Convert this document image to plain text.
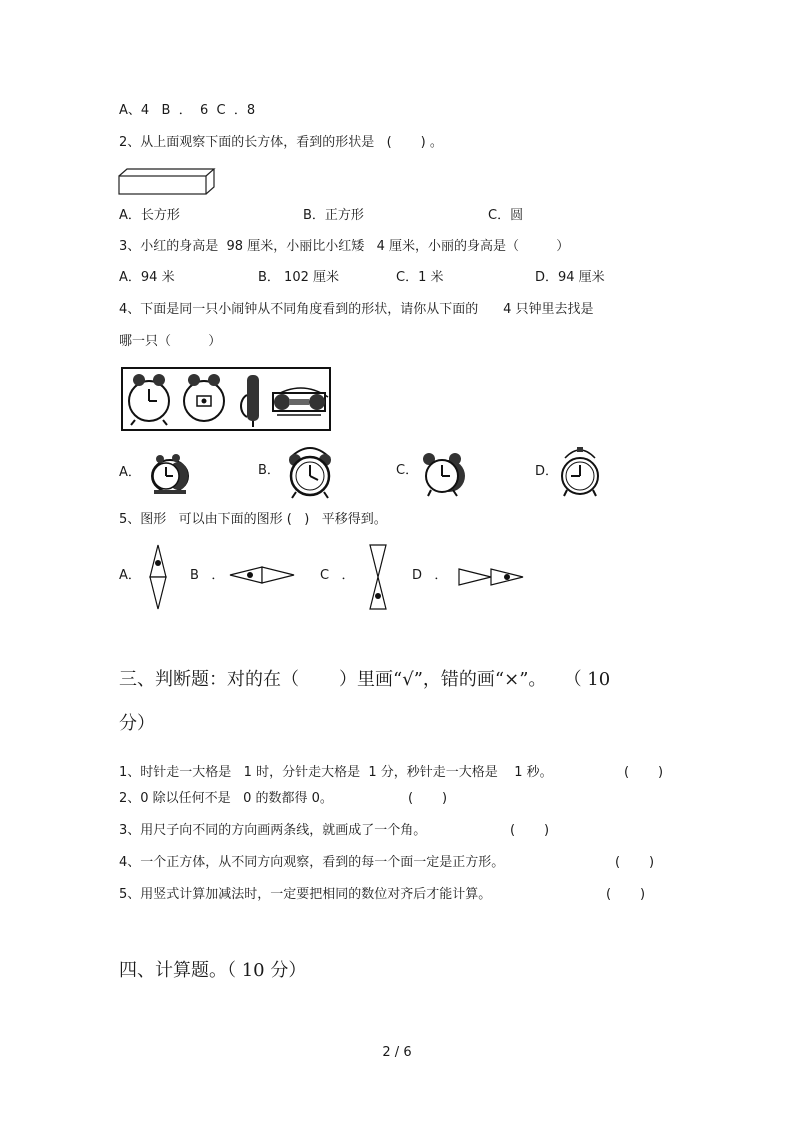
A、4   B  ．  6  C  ．8
2、从上面观察下面的长方体，看到的形状是   (       ) 。
A．长方形	B．正方形	C．圆
3、小红的身高是  98 厘米，小丽比小红矮   4 厘米，小丽的身高是（         ）
A．94 米	B． 102 厘米	C．1 米	D．94 厘米
4、下面是同一只小闹钟从不同角度看到的形状，请你从下面的      4 只钟里去找是
哪一只（         ）
A．	B．	C．	D．
5、图形   可以由下面的图形 (   )   平移得到。
A．	B   ．	C   ．	D   ．
三、判断题：对的在（       ）里画“√”，错的画“×”。   （ 10
分）
1、时针走一大格是   1 时，分针走大格是  1 分，秒针走一大格是    1 秒。	(       )
2、0 除以任何不是   0 的数都得 0。	(       )
3、用尺子向不同的方向画两条线，就画成了一个角。	(       )
4、一个正方体，从不同方向观察，看到的每一个面一定是正方形。	(       )
5、用竖式计算加减法时，一定要把相同的数位对齐后才能计算。	(       )
四、计算题。（ 10 分）
2 / 6
